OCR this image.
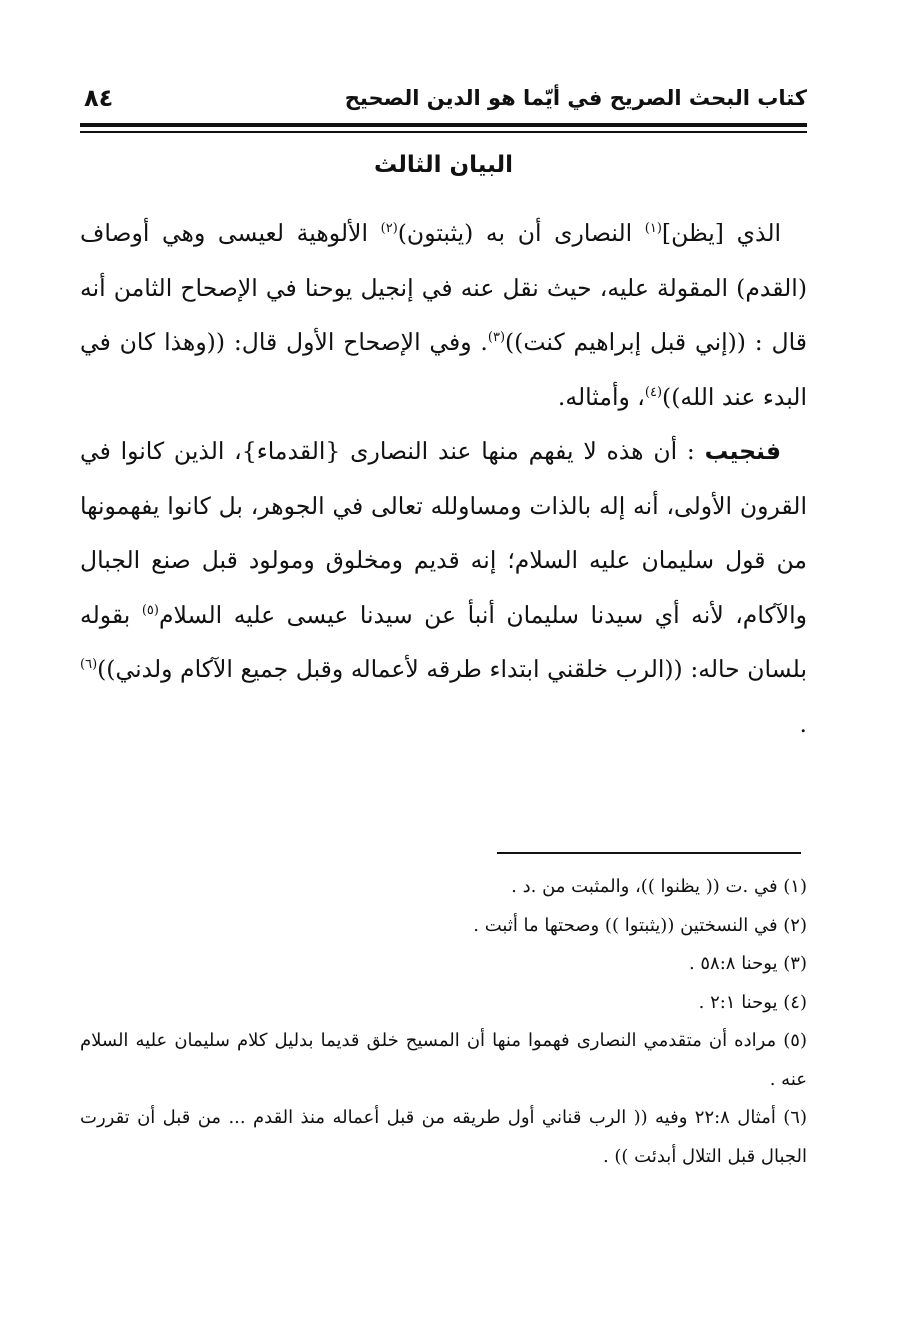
كتاب البحث الصريح في أيّما هو الدين الصحيح
٨٤
البيان الثالث

الذي [يظن]$^{(١)}$ النصارى أن به (يثبتون)$^{(٢)}$ الألوهية لعيسى وهي أوصاف (القدم) المقولة عليه، حيث نقل عنه في إنجيل يوحنا في الإصحاح الثامن أنه قال : ((إني قبل إبراهيم كنت))$^{(٣)}$. وفي الإصحاح الأول قال: ((وهذا كان في البدء عند الله))$^{(٤)}$، وأمثاله.

فنجيب : أن هذه لا يفهم منها عند النصارى {القدماء}، الذين كانوا في القرون الأولى، أنه إله بالذات ومساولله تعالى في الجوهر، بل كانوا يفهمونها من قول سليمان عليه السلام؛ إنه قديم ومخلوق ومولود قبل صنع الجبال والآكام، لأنه أي سيدنا سليمان أنبأ عن سيدنا عيسى عليه السلام$^{(٥)}$ بقوله بلسان حاله: ((الرب خلقني ابتداء طرقه لأعماله وقبل جميع الآكام ولدني))$^{(٦)}$ .

(١) في .ت (( يظنوا ))، والمثبت من .د .

(٢) في النسختين ((يثبتوا )) وصحتها ما أثبت .

(٣) يوحنا ٥٨:٨ .

(٤) يوحنا ٢:١ .

(٥) مراده أن متقدمي النصارى فهموا منها أن المسيح خلق قديما بدليل كلام سليمان عليه السلام عنه .

(٦) أمثال ٢٢:٨ وفيه (( الرب قناني أول طريقه من قبل أعماله منذ القدم ... من قبل أن تقررت الجبال قبل التلال أبدئت )) .
